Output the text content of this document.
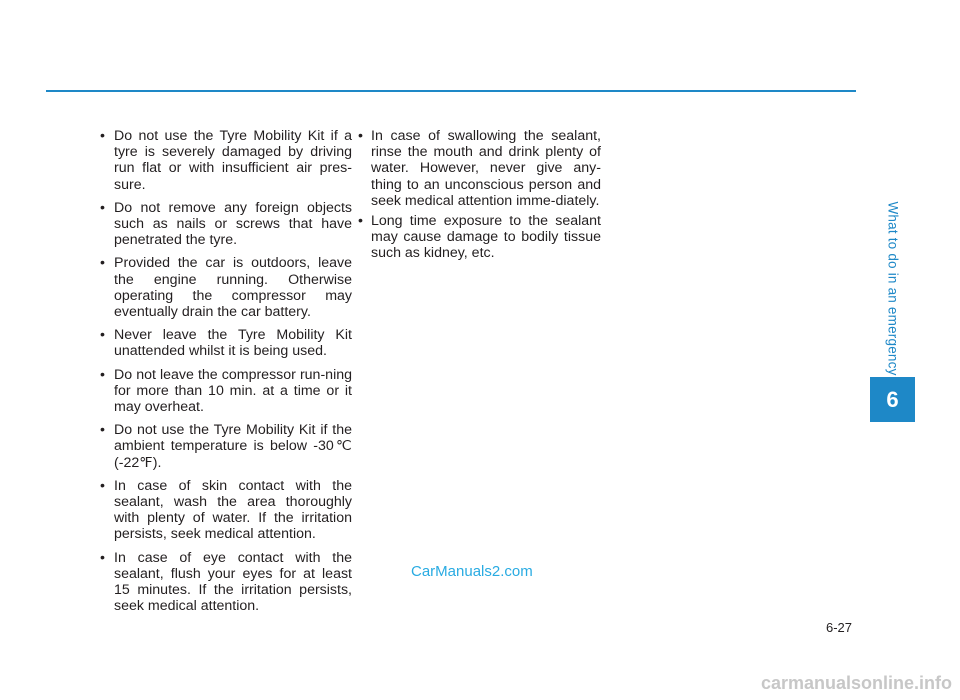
• Do not use the Tyre Mobility Kit if a tyre is severely damaged by driving run flat or with insufficient air pres-sure.

• Do not remove any foreign objects such as nails or screws that have penetrated the tyre.

• Provided the car is outdoors, leave the engine running. Otherwise operating the compressor may eventually drain the car battery.

• Never leave the Tyre Mobility Kit unattended whilst it is being used.

• Do not leave the compressor run-ning for more than 10 min. at a time or it may overheat.

• Do not use the Tyre Mobility Kit if the ambient temperature is below -30℃ (-22℉).

• In case of skin contact with the sealant, wash the area thoroughly with plenty of water. If the irritation persists, seek medical attention.

• In case of eye contact with the sealant, flush your eyes for at least 15 minutes. If the irritation persists, seek medical attention.

• In case of swallowing the sealant, rinse the mouth and drink plenty of water. However, never give any-thing to an unconscious person and seek medical attention imme-diately.

• Long time exposure to the sealant may cause damage to bodily tissue such as kidney, etc.	What to do in an emergency
6
CarManuals2.com
6-27
carmanualsonline.info
